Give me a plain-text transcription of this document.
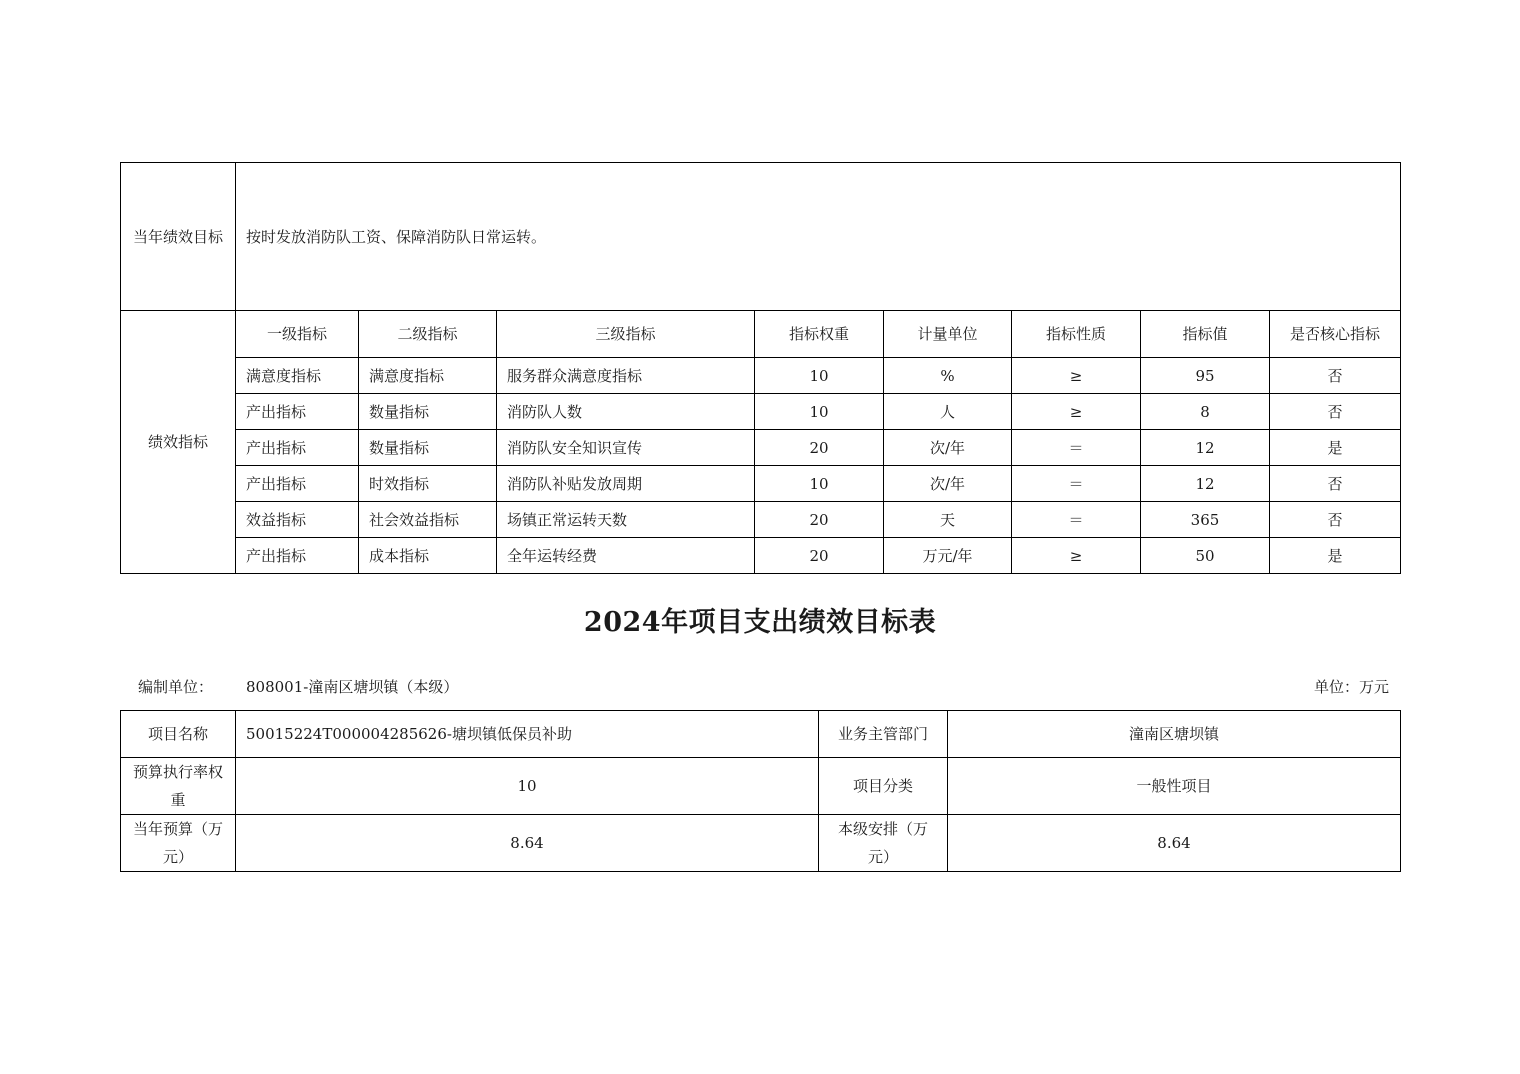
当年绩效目标	按时发放消防队工资、保障消防队日常运转。							
绩效指标	一级指标	二级指标	三级指标	指标权重	计量单位	指标性质	指标值	是否核心指标
	满意度指标	满意度指标	服务群众满意度指标	10	%	≥	95	否
	产出指标	数量指标	消防队人数	10	人	≥	8	否
	产出指标	数量指标	消防队安全知识宣传	20	次/年	＝	12	是
	产出指标	时效指标	消防队补贴发放周期	10	次/年	＝	12	否
	效益指标	社会效益指标	场镇正常运转天数	20	天	＝	365	否
	产出指标	成本指标	全年运转经费	20	万元/年	≥	50	是
2024年项目支出绩效目标表
编制单位： 808001-潼南区塘坝镇（本级）	单位：万元
项目名称	50015224T000004285626-塘坝镇低保员补助	业务主管部门	潼南区塘坝镇
预算执行率权重	10	项目分类	一般性项目
当年预算（万元）	8.64	本级安排（万元）	8.64
